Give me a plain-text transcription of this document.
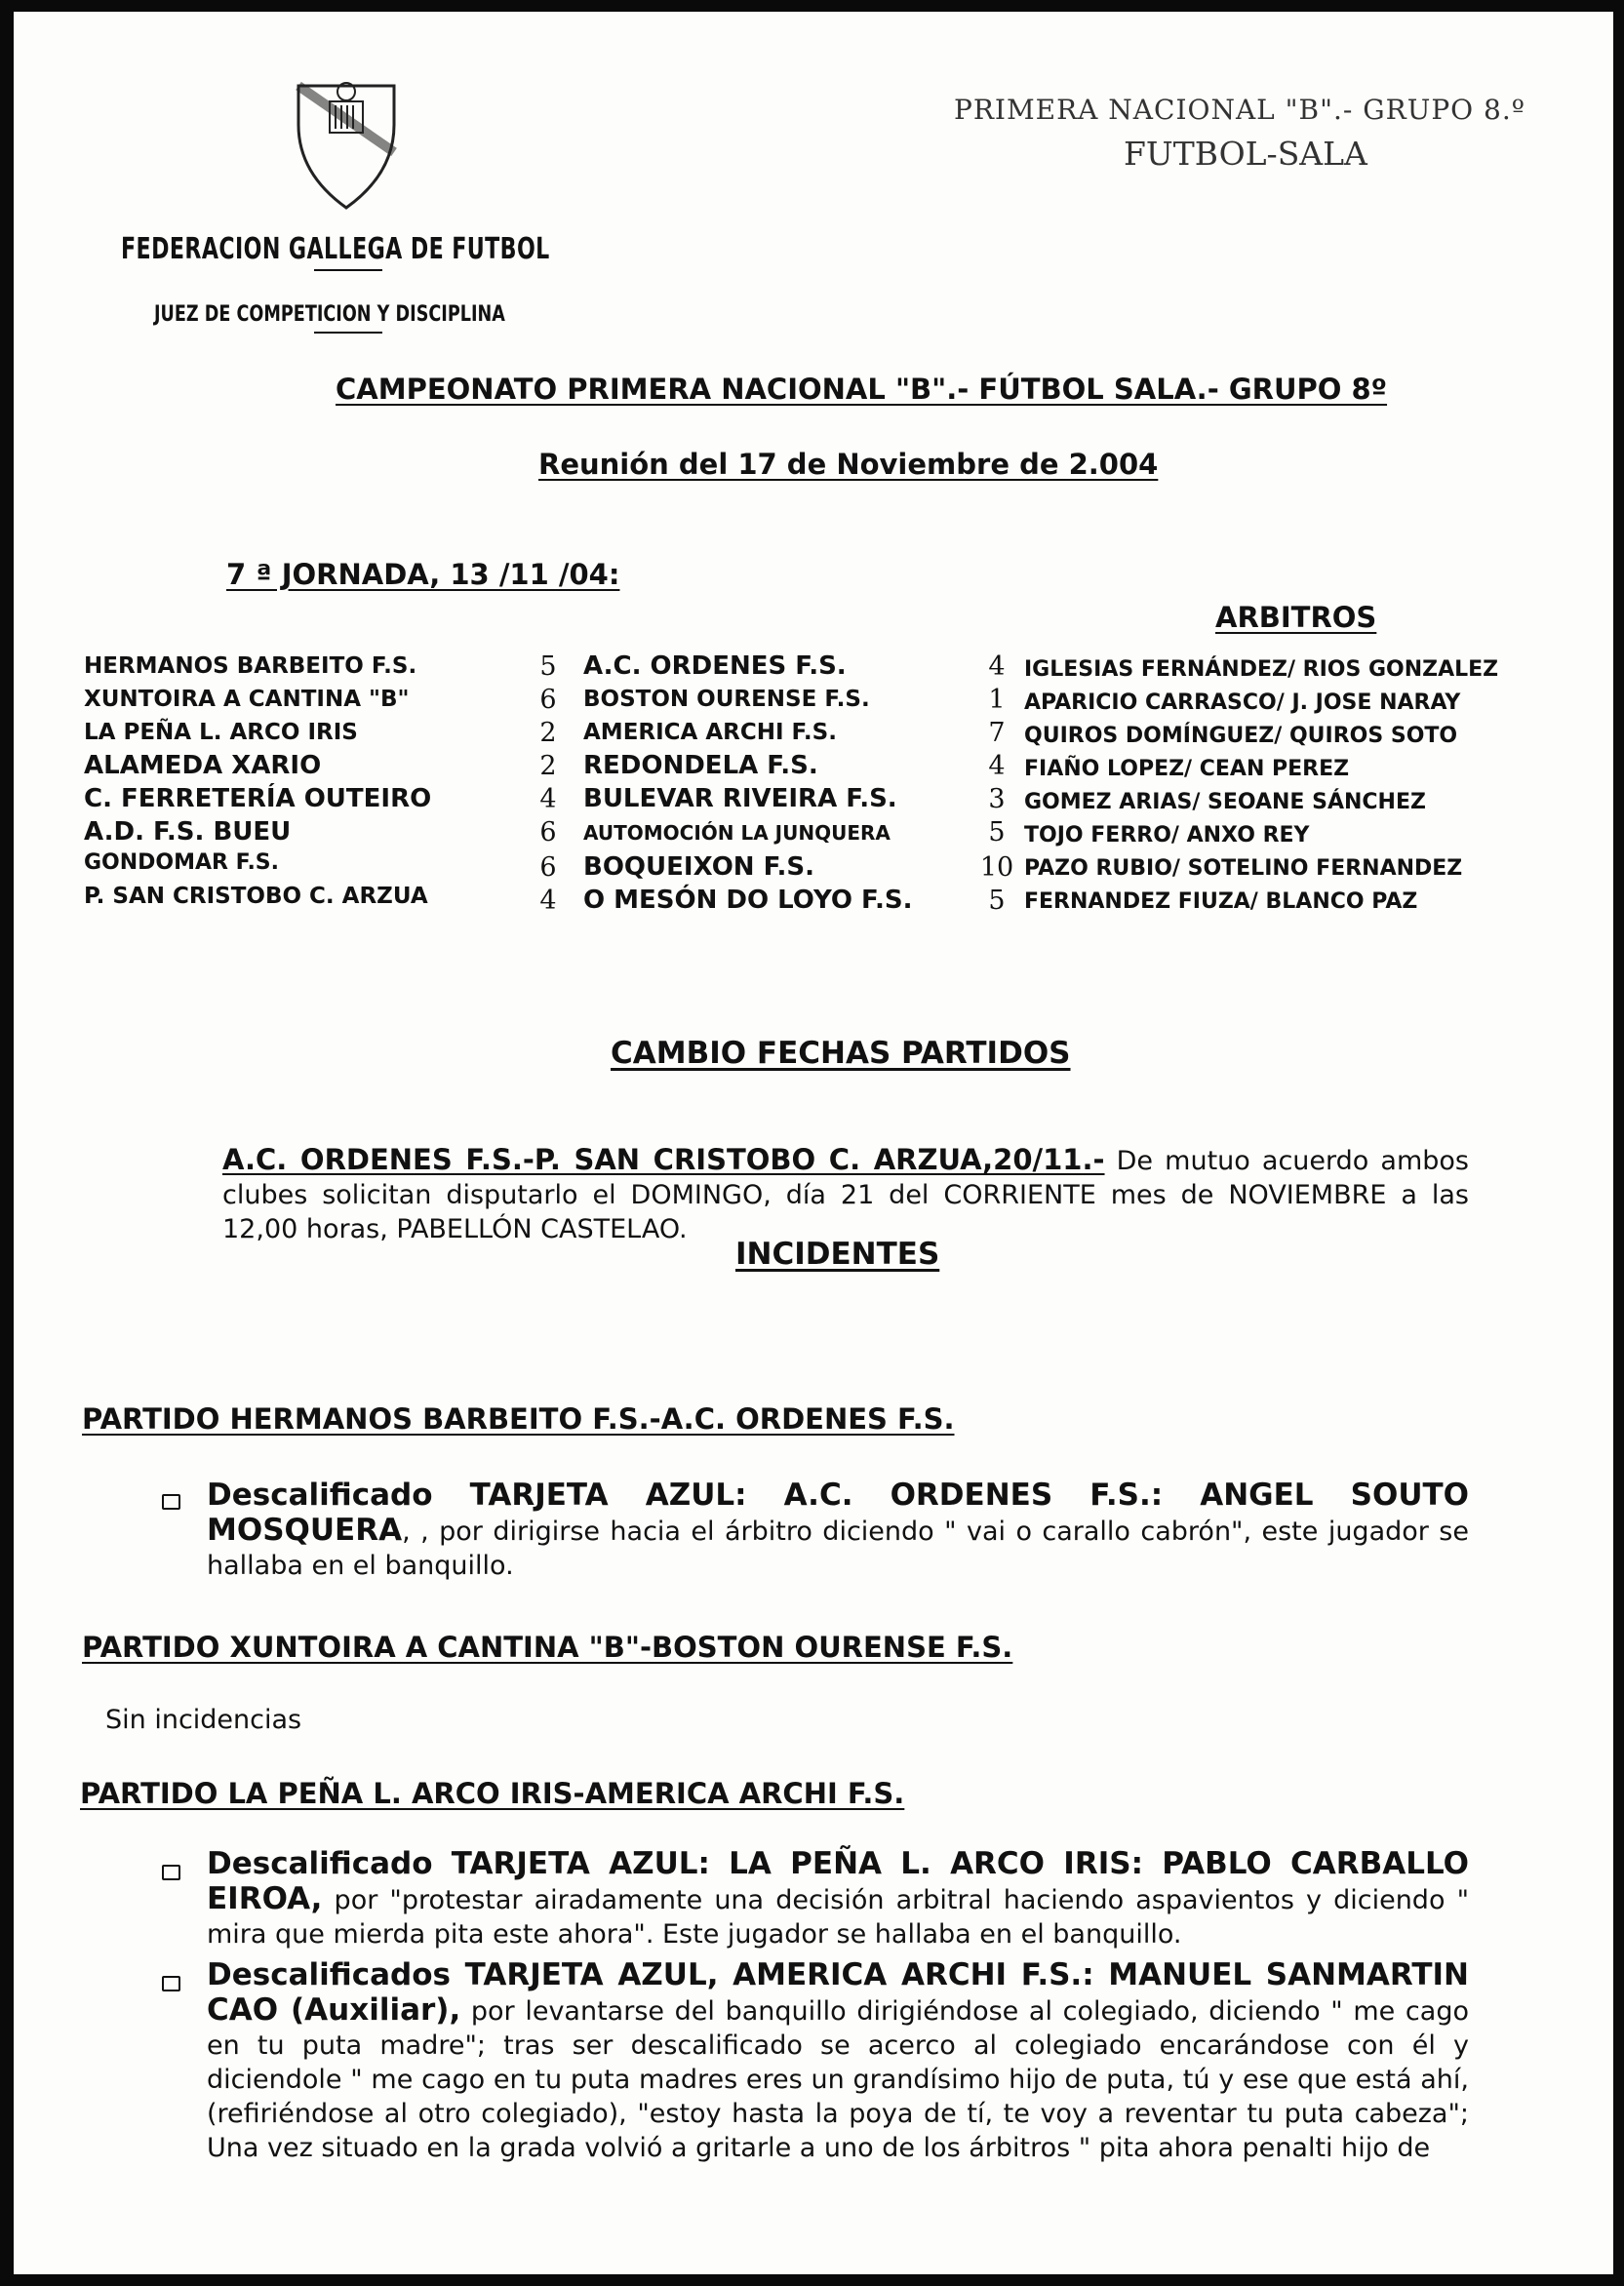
FEDERACION GALLEGA DE FUTBOL
JUEZ DE COMPETICION Y DISCIPLINA
PRIMERA NACIONAL "B".- GRUPO 8.º
FUTBOL-SALA
CAMPEONATO PRIMERA NACIONAL "B".- FÚTBOL SALA.- GRUPO 8º
Reunión del 17 de Noviembre de 2.004
7 ª JORNADA, 13 /11 /04:
ARBITROS
HERMANOS BARBEITO F.S.
XUNTOIRA A CANTINA "B"
LA PEÑA L. ARCO IRIS
ALAMEDA XARIO
C. FERRETERÍA OUTEIRO
A.D. F.S. BUEU
GONDOMAR F.S.
P. SAN CRISTOBO C. ARZUA
5
6
2
2
4
6
6
4
A.C. ORDENES F.S.
BOSTON OURENSE F.S.
AMERICA ARCHI F.S.
REDONDELA F.S.
BULEVAR RIVEIRA F.S.
AUTOMOCIÓN LA JUNQUERA
BOQUEIXON F.S.
O MESÓN DO LOYO F.S.
4
1
7
4
3
5
10
5
IGLESIAS FERNÁNDEZ/ RIOS GONZALEZ
APARICIO CARRASCO/ J. JOSE NARAY
QUIROS DOMÍNGUEZ/ QUIROS SOTO
FIAÑO LOPEZ/ CEAN PEREZ
GOMEZ ARIAS/ SEOANE SÁNCHEZ
TOJO FERRO/ ANXO REY
PAZO RUBIO/ SOTELINO FERNANDEZ
FERNANDEZ FIUZA/ BLANCO PAZ
CAMBIO FECHAS PARTIDOS
A.C. ORDENES F.S.-P. SAN CRISTOBO C. ARZUA,20/11.- De mutuo acuerdo ambos clubes solicitan disputarlo el DOMINGO, día 21 del CORRIENTE mes de NOVIEMBRE a las 12,00 horas, PABELLÓN CASTELAO.
INCIDENTES
PARTIDO HERMANOS BARBEITO F.S.-A.C. ORDENES F.S.
Descalificado TARJETA AZUL: A.C. ORDENES F.S.: ANGEL SOUTO MOSQUERA, , por dirigirse hacia el árbitro diciendo " vai o carallo cabrón", este jugador se hallaba en el banquillo.
PARTIDO XUNTOIRA A CANTINA "B"-BOSTON OURENSE F.S.
Sin incidencias
PARTIDO LA PEÑA L. ARCO IRIS-AMERICA ARCHI F.S.
Descalificado TARJETA AZUL: LA PEÑA L. ARCO IRIS: PABLO CARBALLO EIROA, por "protestar airadamente una decisión arbitral haciendo aspavientos y diciendo " mira que mierda pita este ahora". Este jugador se hallaba en el banquillo.
Descalificados TARJETA AZUL, AMERICA ARCHI F.S.: MANUEL SANMARTIN CAO (Auxiliar), por levantarse del banquillo dirigiéndose al colegiado, diciendo " me cago en tu puta madre"; tras ser descalificado se acerco al colegiado encarándose con él y diciendole " me cago en tu puta madres eres un grandísimo hijo de puta, tú y ese que está ahí, (refiriéndose al otro colegiado), "estoy hasta la poya de tí, te voy a reventar tu puta cabeza"; Una vez situado en la grada volvió a gritarle a uno de los árbitros " pita ahora penalti hijo de
